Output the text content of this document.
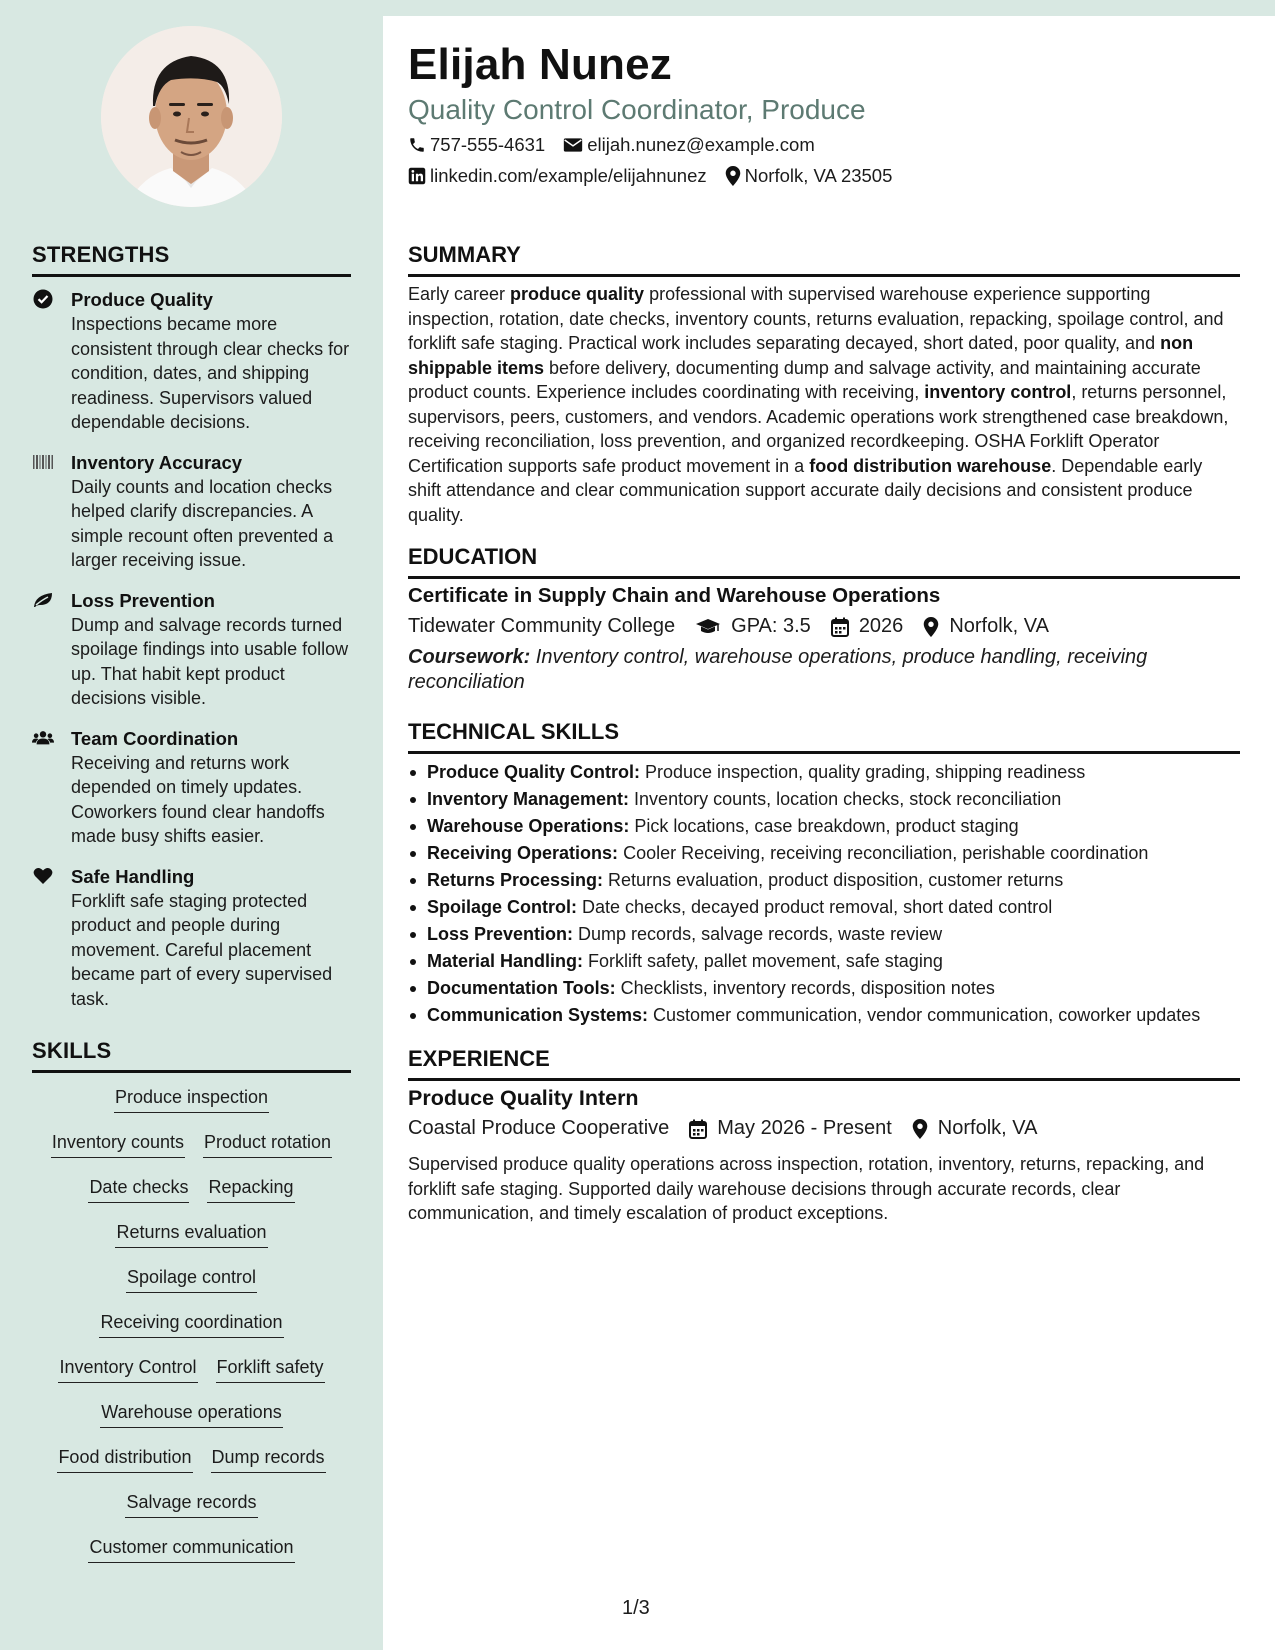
Elijah Nunez
Quality Control Coordinator, Produce
757-555-4631 elijah.nunez@example.com
linkedin.com/example/elijahnunez Norfolk, VA 23505
STRENGTHS
Produce Quality
Inspections became more consistent through clear checks for condition, dates, and shipping readiness. Supervisors valued dependable decisions.
Inventory Accuracy
Daily counts and location checks helped clarify discrepancies. A simple recount often prevented a larger receiving issue.
Loss Prevention
Dump and salvage records turned spoilage findings into usable follow up. That habit kept product decisions visible.
Team Coordination
Receiving and returns work depended on timely updates. Coworkers found clear handoffs made busy shifts easier.
Safe Handling
Forklift safe staging protected product and people during movement. Careful placement became part of every supervised task.
SKILLS
Produce inspection
Inventory counts Product rotation
Date checks Repacking
Returns evaluation
Spoilage control
Receiving coordination
Inventory Control Forklift safety
Warehouse operations
Food distribution Dump records
Salvage records
Customer communication
SUMMARY
Early career produce quality professional with supervised warehouse experience supporting inspection, rotation, date checks, inventory counts, returns evaluation, repacking, spoilage control, and forklift safe staging. Practical work includes separating decayed, short dated, poor quality, and non shippable items before delivery, documenting dump and salvage activity, and maintaining accurate product counts. Experience includes coordinating with receiving, inventory control, returns personnel, supervisors, peers, customers, and vendors. Academic operations work strengthened case breakdown, receiving reconciliation, loss prevention, and organized recordkeeping. OSHA Forklift Operator Certification supports safe product movement in a food distribution warehouse. Dependable early shift attendance and clear communication support accurate daily decisions and consistent produce quality.
EDUCATION
Certificate in Supply Chain and Warehouse Operations
Tidewater Community College	GPA: 3.5 2026 Norfolk, VA
Coursework: Inventory control, warehouse operations, produce handling, receiving reconciliation
TECHNICAL SKILLS
Produce Quality Control: Produce inspection, quality grading, shipping readiness
Inventory Management: Inventory counts, location checks, stock reconciliation
Warehouse Operations: Pick locations, case breakdown, product staging
Receiving Operations: Cooler Receiving, receiving reconciliation, perishable coordination
Returns Processing: Returns evaluation, product disposition, customer returns
Spoilage Control: Date checks, decayed product removal, short dated control
Loss Prevention: Dump records, salvage records, waste review
Material Handling: Forklift safety, pallet movement, safe staging
Documentation Tools: Checklists, inventory records, disposition notes
Communication Systems: Customer communication, vendor communication, coworker updates
EXPERIENCE
Produce Quality Intern
Coastal Produce Cooperative May 2026 - Present Norfolk, VA
Supervised produce quality operations across inspection, rotation, inventory, returns, repacking, and forklift safe staging. Supported daily warehouse decisions through accurate records, clear communication, and timely escalation of product exceptions.
1/3
